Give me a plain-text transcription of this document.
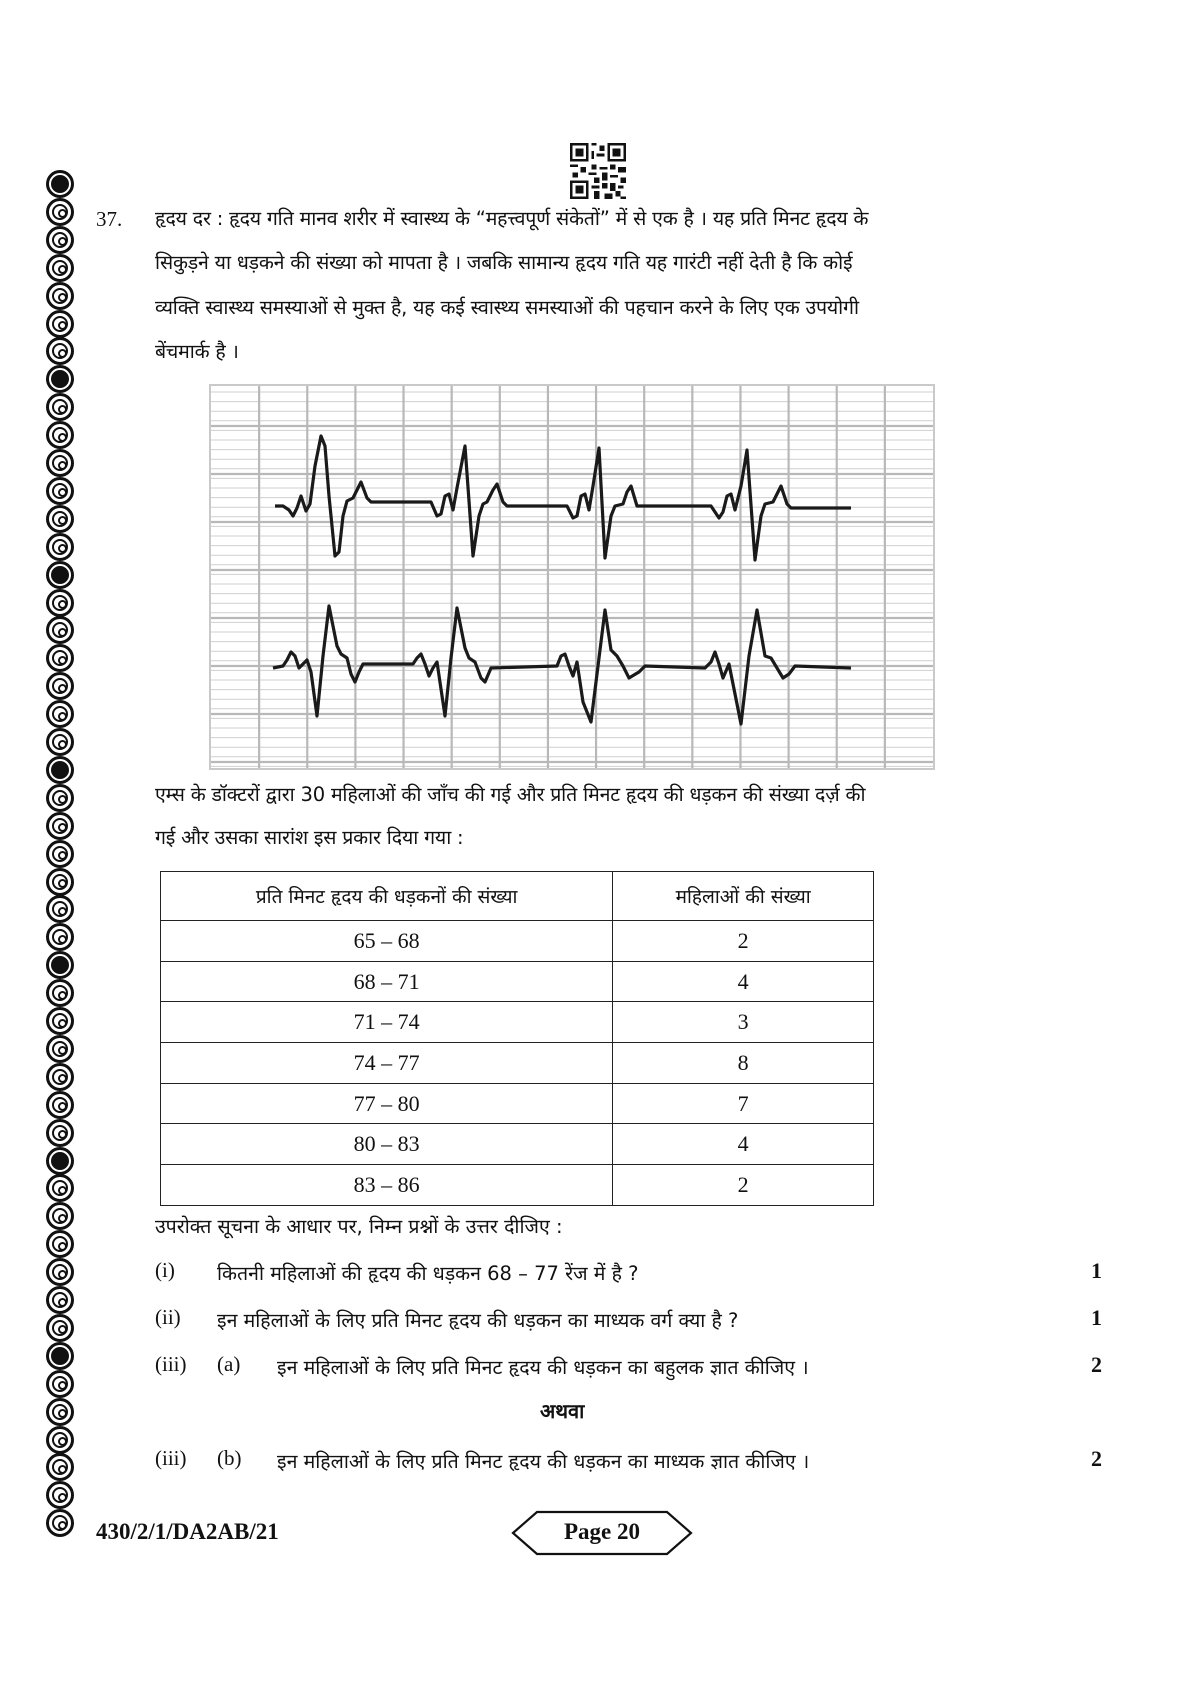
37. हृदय दर : हृदय गति मानव शरीर में स्वास्थ्य के “महत्त्वपूर्ण संकेतों” में से एक है । यह प्रति मिनट हृदय के
सिकुड़ने या धड़कने की संख्या को मापता है । जबकि सामान्य हृदय गति यह गारंटी नहीं देती है कि कोई
व्यक्ति स्वास्थ्य समस्याओं से मुक्त है, यह कई स्वास्थ्य समस्याओं की पहचान करने के लिए एक उपयोगी
बेंचमार्क है ।
एम्स के डॉक्टरों द्वारा 30 महिलाओं की जाँच की गई और प्रति मिनट हृदय की धड़कन की संख्या दर्ज़ की
गई और उसका सारांश इस प्रकार दिया गया :
प्रति मिनट हृदय की धड़कनों की संख्या	महिलाओं की संख्या
65 – 68	2
68 – 71	4
71 – 74	3
74 – 77	8
77 – 80	7
80 – 83	4
83 – 86	2
उपरोक्त सूचना के आधार पर, निम्न प्रश्नों के उत्तर दीजिए :
(i) कितनी महिलाओं की हृदय की धड़कन 68 – 77 रेंज में है ?	1
(ii) इन महिलाओं के लिए प्रति मिनट हृदय की धड़कन का माध्यक वर्ग क्या है ?	1
(iii) (a) इन महिलाओं के लिए प्रति मिनट हृदय की धड़कन का बहुलक ज्ञात कीजिए ।	2
अथवा
(iii) (b) इन महिलाओं के लिए प्रति मिनट हृदय की धड़कन का माध्यक ज्ञात कीजिए ।	2
430/2/1/DA2AB/21	Page 20
